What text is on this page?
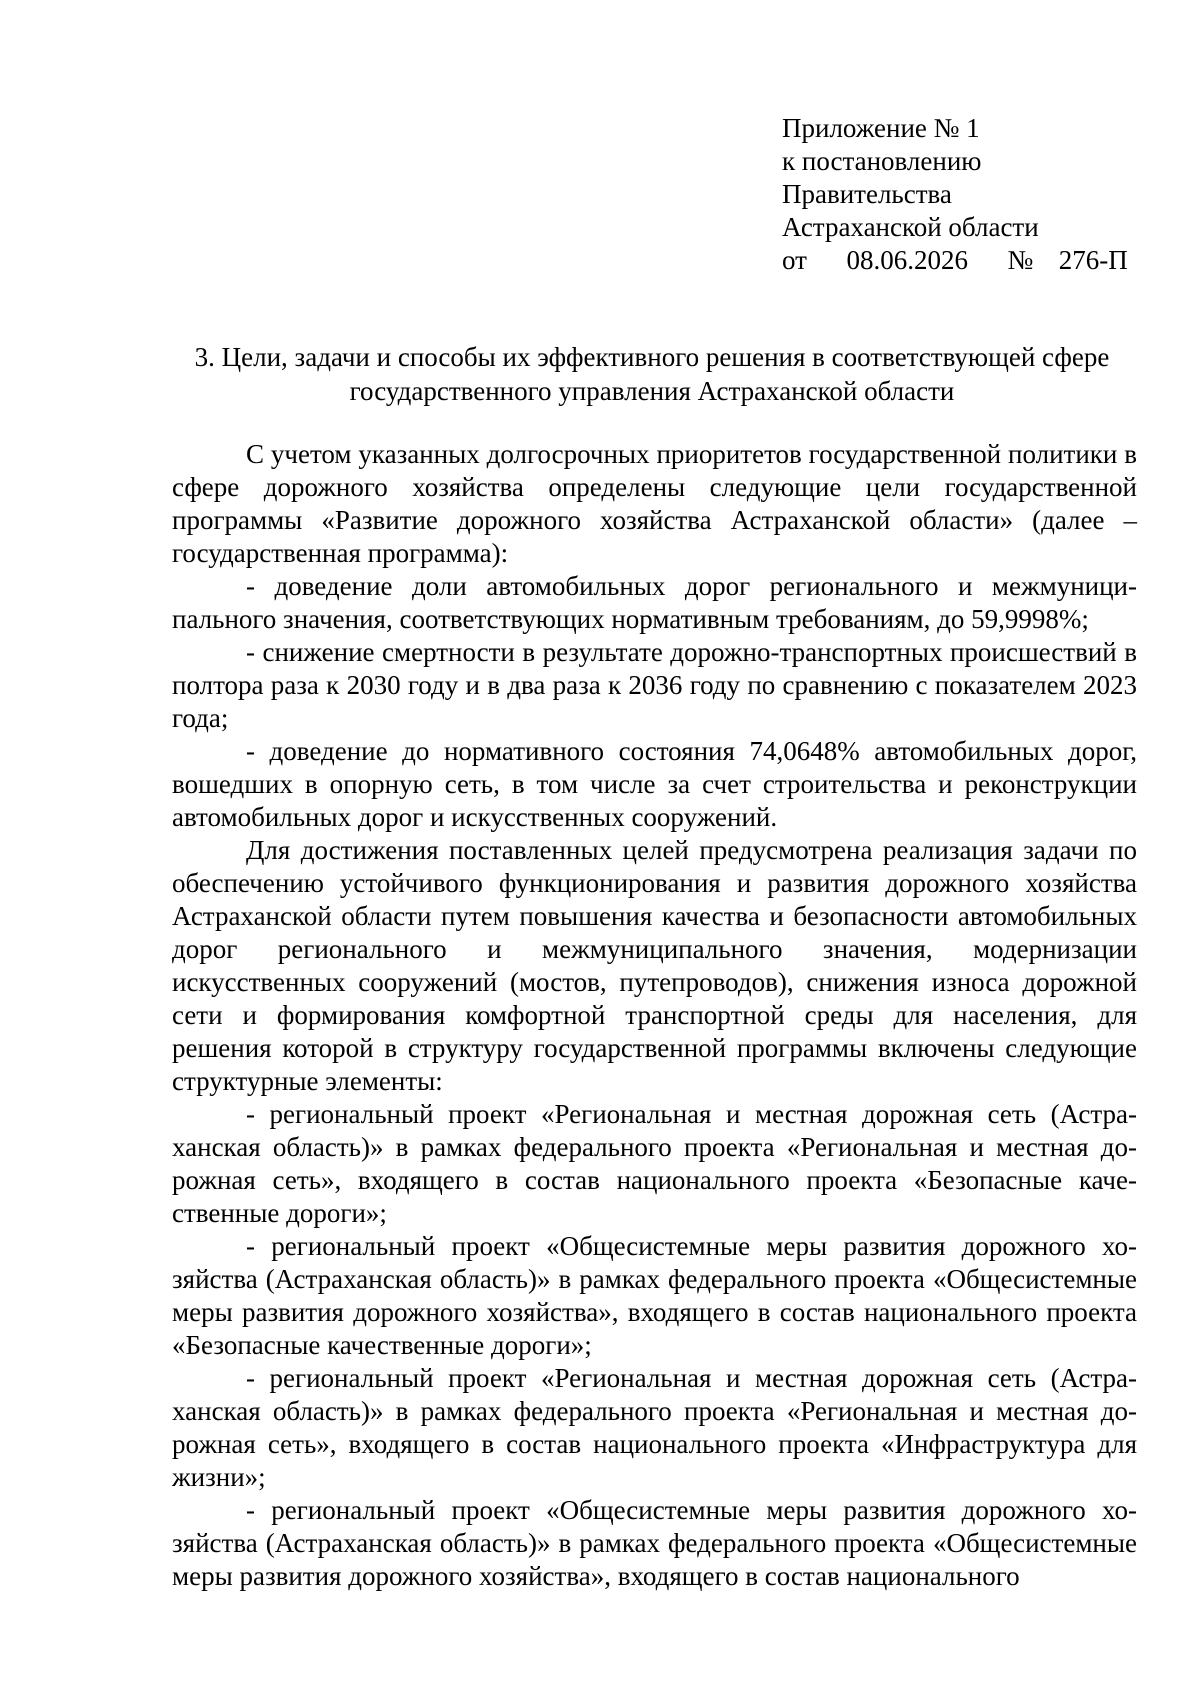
Приложение № 1
к постановлению
Правительства
Астраханской области
от 08.06.2026 № 276-П
3. Цели, задачи и способы их эффективного решения в соответствующей сфере
государственного управления Астраханской области

С учетом указанных долгосрочных приоритетов государственной политики в сфере дорожного хозяйства определены следующие цели государственной программы «Развитие дорожного хозяйства Астраханской области» (далее – государственная программа):

- доведение доли автомобильных дорог регионального и межмуниципального значения, соответствующих нормативным требованиям, до 59,9998%;

- снижение смертности в результате дорожно-транспортных происшествий в полтора раза к 2030 году и в два раза к 2036 году по сравнению с показателем 2023 года;

- доведение до нормативного состояния 74,0648% автомобильных дорог, вошедших в опорную сеть, в том числе за счет строительства и реконструкции автомобильных дорог и искусственных сооружений.

Для достижения поставленных целей предусмотрена реализация задачи по обеспечению устойчивого функционирования и развития дорожного хозяйства Астраханской области путем повышения качества и безопасности автомобильных дорог регионального и межмуниципального значения, модернизации искусственных сооружений (мостов, путепроводов), снижения износа дорожной сети и формирования комфортной транспортной среды для населения, для решения которой в структуру государственной программы включены следующие структурные элементы:

- региональный проект «Региональная и местная дорожная сеть (Астраханская область)» в рамках федерального проекта «Региональная и местная дорожная сеть», входящего в состав национального проекта «Безопасные качественные дороги»;

- региональный проект «Общесистемные меры развития дорожного хозяйства (Астраханская область)» в рамках федерального проекта «Общесистемные меры развития дорожного хозяйства», входящего в состав национального проекта «Безопасные качественные дороги»;

- региональный проект «Региональная и местная дорожная сеть (Астраханская область)» в рамках федерального проекта «Региональная и местная дорожная сеть», входящего в состав национального проекта «Инфраструктура для жизни»;

- региональный проект «Общесистемные меры развития дорожного хозяйства (Астраханская область)» в рамках федерального проекта «Общесистемные меры развития дорожного хозяйства», входящего в состав национального
